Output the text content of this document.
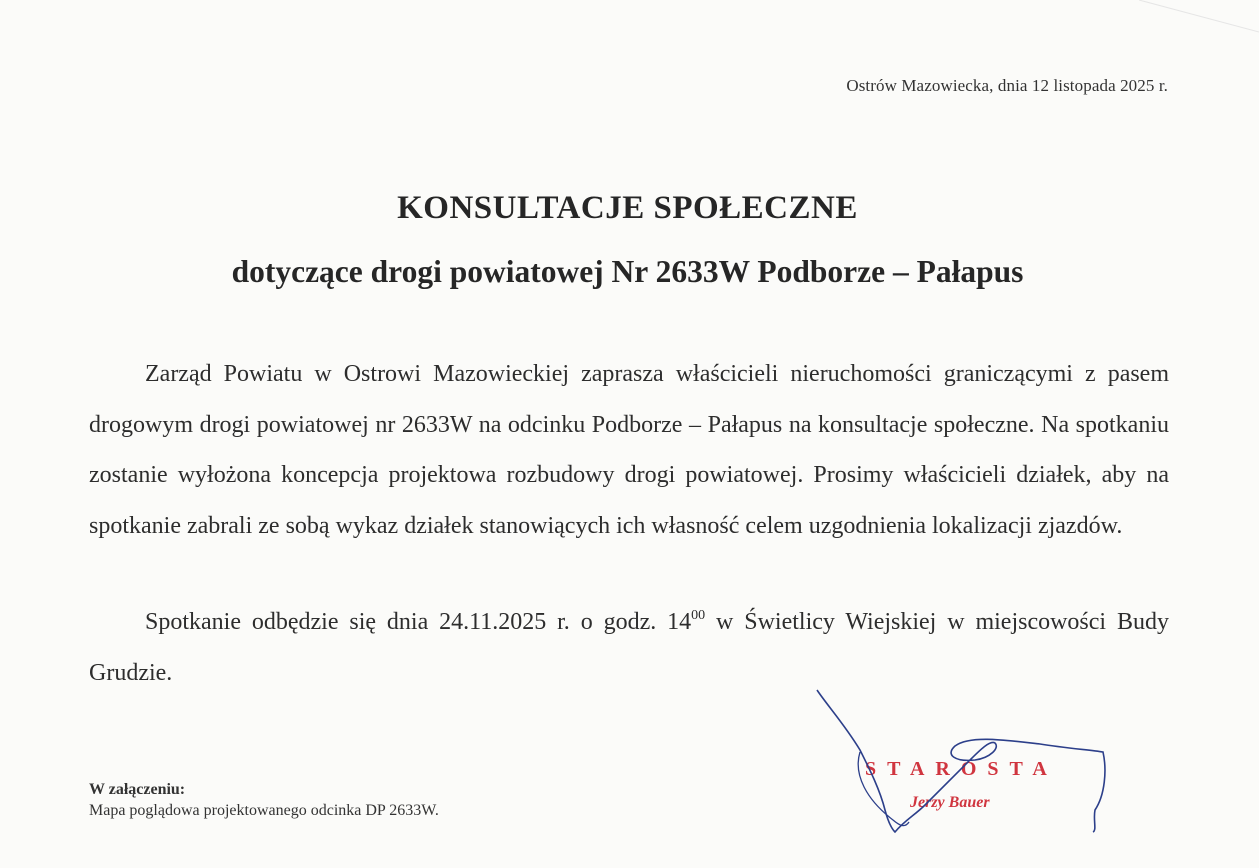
Ostrów Mazowiecka, dnia 12 listopada 2025 r.
KONSULTACJE SPOŁECZNE
dotyczące drogi powiatowej Nr 2633W Podborze – Pałapus

Zarząd Powiatu w Ostrowi Mazowieckiej zaprasza właścicieli nieruchomości graniczącymi z pasem drogowym drogi powiatowej nr 2633W na odcinku Podborze – Pałapus na konsultacje społeczne. Na spotkaniu zostanie wyłożona koncepcja projektowa rozbudowy drogi powiatowej. Prosimy właścicieli działek, aby na spotkanie zabrali ze sobą wykaz działek stanowiących ich własność celem uzgodnienia lokalizacji zjazdów.

Spotkanie odbędzie się dnia 24.11.2025 r. o godz. $14^{00}$ w Świetlicy Wiejskiej w miejscowości Budy Grudzie.

W załączeniu:
Mapa poglądowa projektowanego odcinka DP 2633W.
STAROSTA
Jerzy Bauer
